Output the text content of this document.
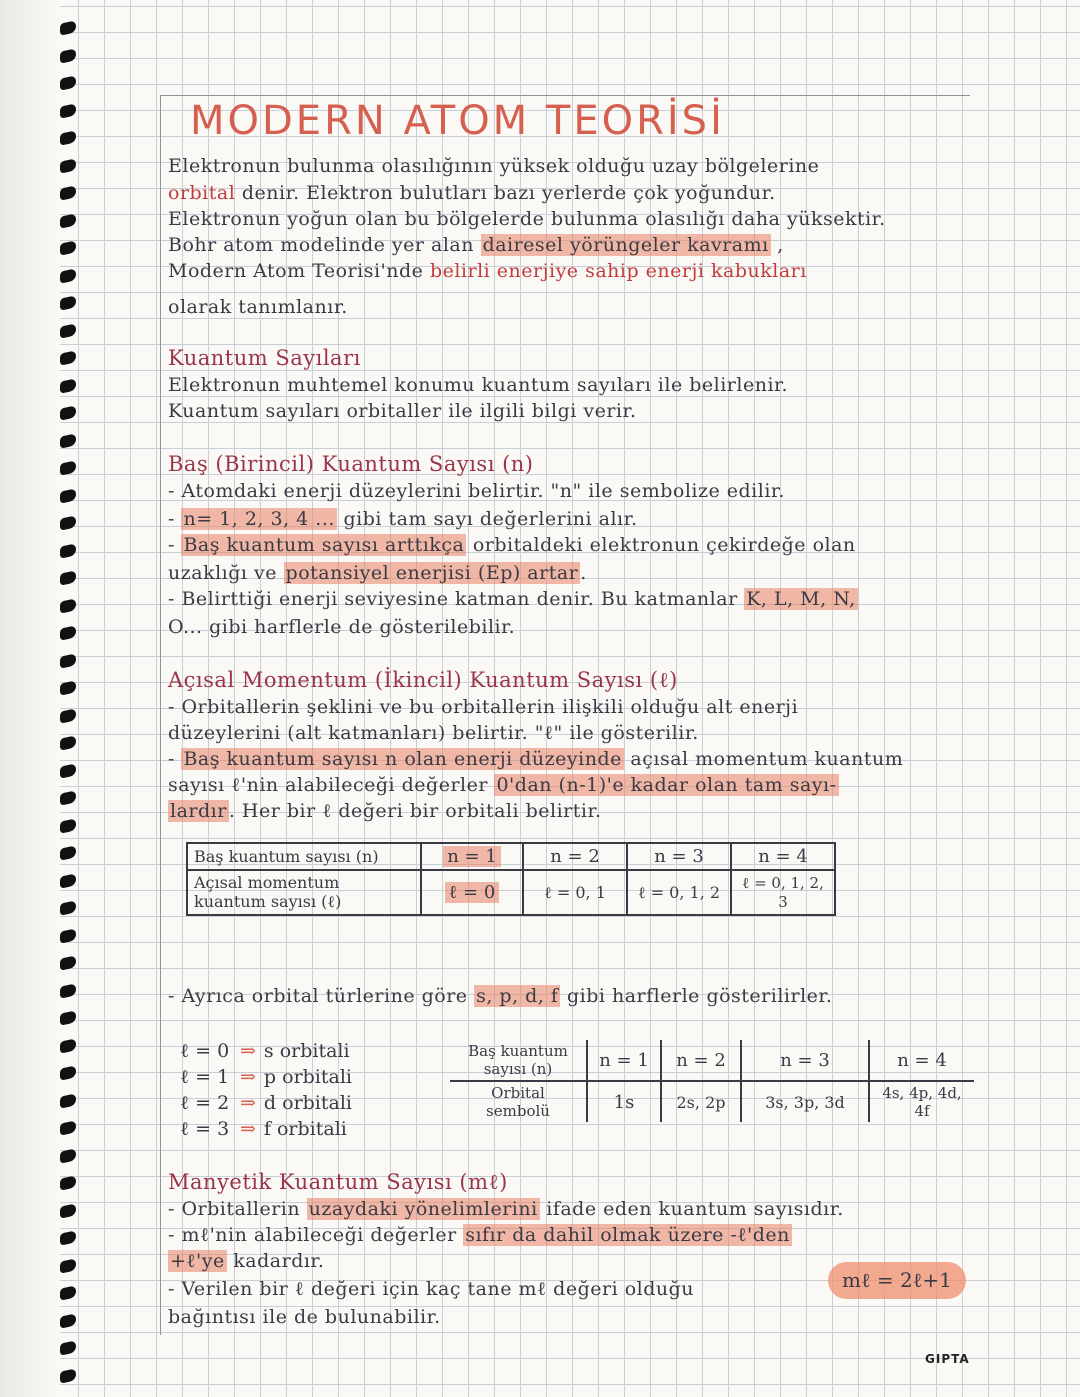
MODERN ATOM TEORİSİ
Elektronun bulunma olasılığının yüksek olduğu uzay bölgelerine
orbital denir. Elektron bulutları bazı yerlerde çok yoğundur.
Elektronun yoğun olan bu bölgelerde bulunma olasılığı daha yüksektir.
Bohr atom modelinde yer alan dairesel yörüngeler kavramı ,
Modern Atom Teorisi'nde belirli enerjiye sahip enerji kabukları
olarak tanımlanır.
Kuantum Sayıları
Elektronun muhtemel konumu kuantum sayıları ile belirlenir.
Kuantum sayıları orbitaller ile ilgili bilgi verir.
Baş (Birincil) Kuantum Sayısı (n)
- Atomdaki enerji düzeylerini belirtir. "n" ile sembolize edilir.
- n= 1, 2, 3, 4 ... gibi tam sayı değerlerini alır.
- Baş kuantum sayısı arttıkça orbitaldeki elektronun çekirdeğe olan
uzaklığı ve potansiyel enerjisi (Ep) artar .
- Belirttiği enerji seviyesine katman denir. Bu katmanlar K, L, M, N,
O... gibi harflerle de gösterilebilir.
Açısal Momentum (İkincil) Kuantum Sayısı (ℓ)
- Orbitallerin şeklini ve bu orbitallerin ilişkili olduğu alt enerji
düzeylerini (alt katmanları) belirtir. "ℓ" ile gösterilir.
- Baş kuantum sayısı n olan enerji düzeyinde açısal momentum kuantum
sayısı ℓ'nin alabileceği değerler 0'dan (n-1)'e kadar olan tam sayı-
lardır . Her bir ℓ değeri bir orbitali belirtir.
Baş kuantum sayısı (n)	n = 1	n = 2	n = 3	n = 4
Açısal momentum kuantum sayısı (ℓ)	ℓ = 0	ℓ = 0, 1	ℓ = 0, 1, 2	ℓ = 0, 1, 2, 3
- Ayrıca orbital türlerine göre s, p, d, f gibi harflerle gösterilirler.
ℓ = 0 ⇒ s orbitali
ℓ = 1 ⇒ p orbitali
ℓ = 2 ⇒ d orbitali
ℓ = 3 ⇒ f orbitali
Baş kuantum sayısı (n)	n = 1	n = 2	n = 3	n = 4
Orbital sembolü	1s	2s, 2p	3s, 3p, 3d	4s, 4p, 4d, 4f
Manyetik Kuantum Sayısı (mℓ)
- Orbitallerin uzaydaki yönelimlerini ifade eden kuantum sayısıdır.
- mℓ'nin alabileceği değerler sıfır da dahil olmak üzere -ℓ'den
+ℓ'ye kadardır.
- Verilen bir ℓ değeri için kaç tane mℓ değeri olduğu	mℓ = 2ℓ+1
bağıntısı ile de bulunabilir.
GIPTA
